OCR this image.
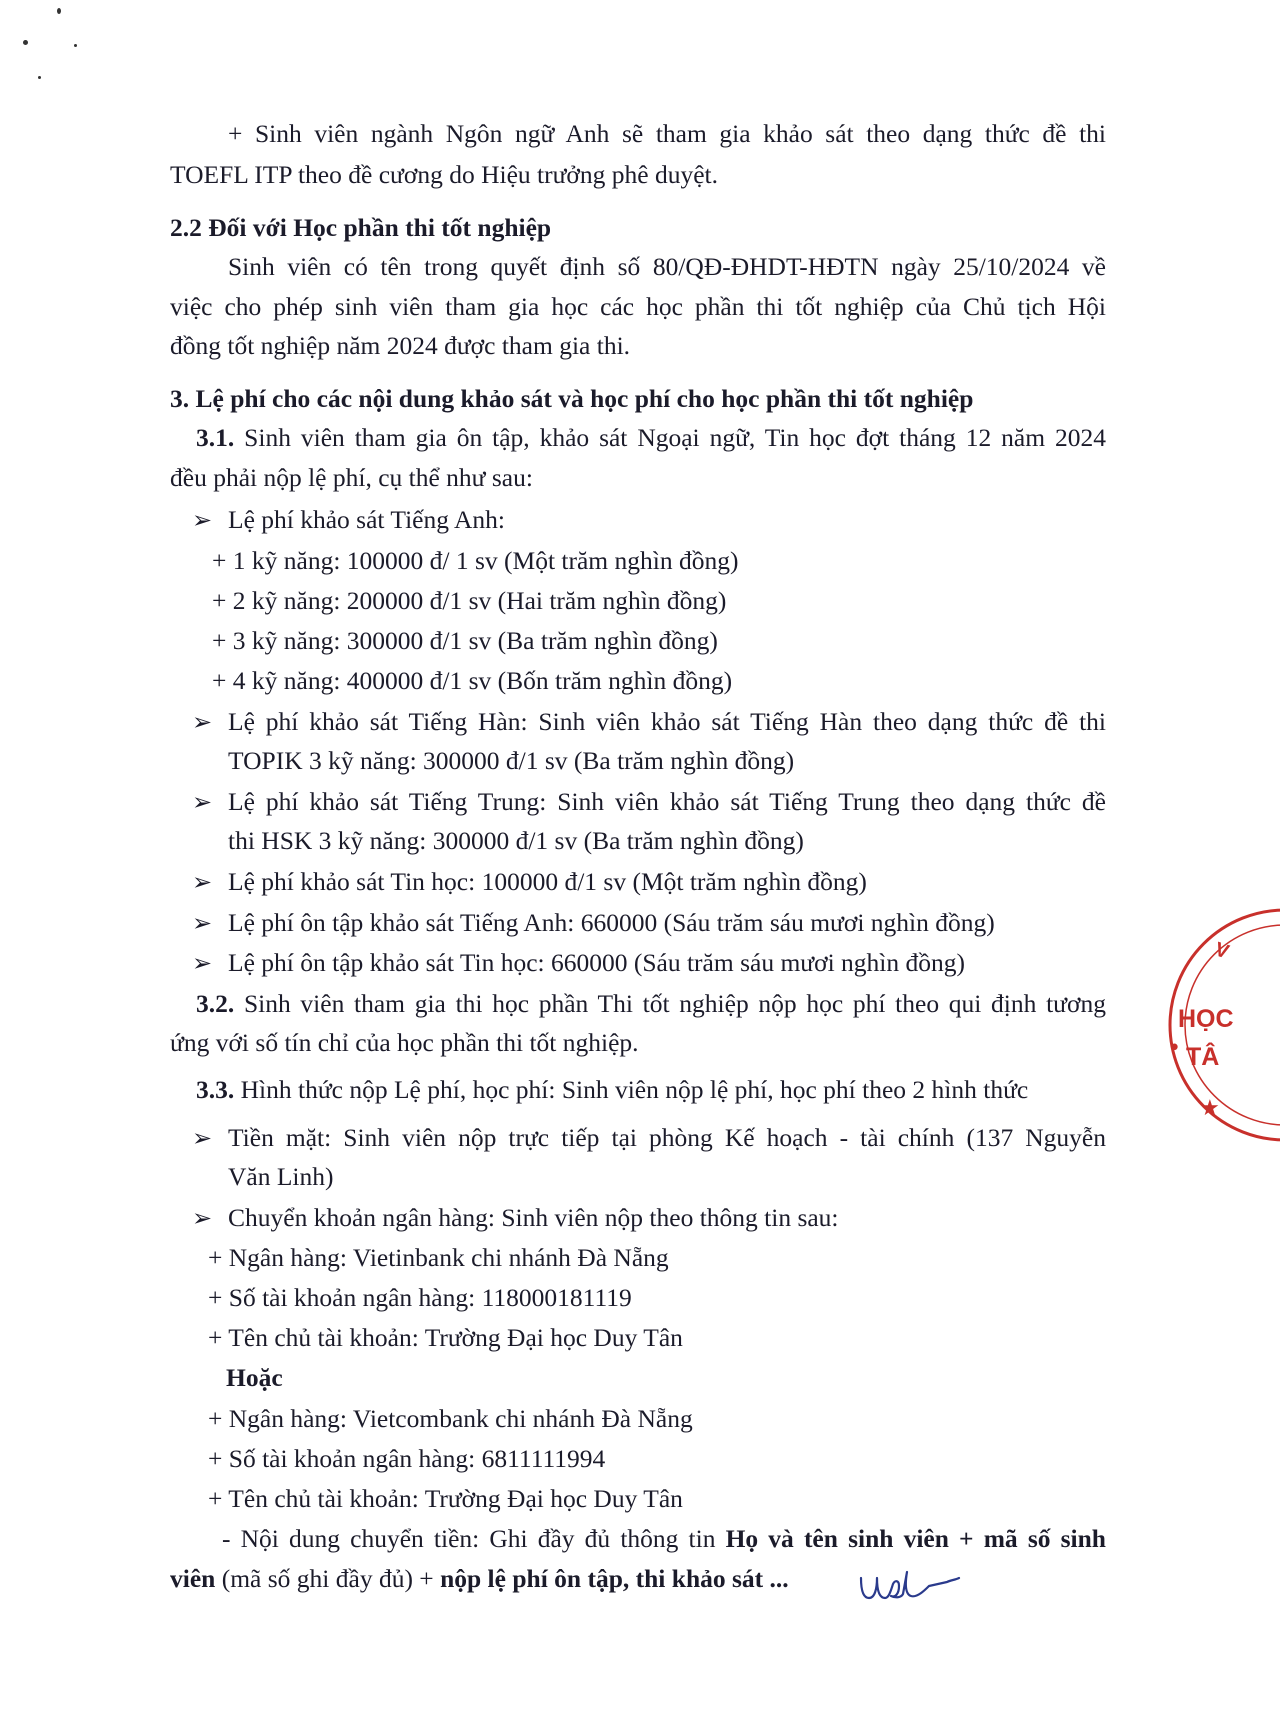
+ Sinh viên ngành Ngôn ngữ Anh sẽ tham gia khảo sát theo dạng thức đề thi
TOEFL ITP theo đề cương do Hiệu trưởng phê duyệt.
2.2 Đối với Học phần thi tốt nghiệp
Sinh viên có tên trong quyết định số 80/QĐ-ĐHDT-HĐTN ngày 25/10/2024 về
việc cho phép sinh viên tham gia học các học phần thi tốt nghiệp của Chủ tịch Hội
đồng tốt nghiệp năm 2024 được tham gia thi.
3. Lệ phí cho các nội dung khảo sát và học phí cho học phần thi tốt nghiệp
3.1. Sinh viên tham gia ôn tập, khảo sát Ngoại ngữ, Tin học đợt tháng 12 năm 2024
đều phải nộp lệ phí, cụ thể như sau:
➢ Lệ phí khảo sát Tiếng Anh:
+ 1 kỹ năng: 100000 đ/ 1 sv (Một trăm nghìn đồng)
+ 2 kỹ năng: 200000 đ/1 sv (Hai trăm nghìn đồng)
+ 3 kỹ năng: 300000 đ/1 sv (Ba trăm nghìn đồng)
+ 4 kỹ năng: 400000 đ/1 sv (Bốn trăm nghìn đồng)
➢ Lệ phí khảo sát Tiếng Hàn: Sinh viên khảo sát Tiếng Hàn theo dạng thức đề thi
TOPIK 3 kỹ năng: 300000 đ/1 sv (Ba trăm nghìn đồng)
➢ Lệ phí khảo sát Tiếng Trung: Sinh viên khảo sát Tiếng Trung theo dạng thức đề
thi HSK 3 kỹ năng: 300000 đ/1 sv (Ba trăm nghìn đồng)
➢ Lệ phí khảo sát Tin học: 100000 đ/1 sv (Một trăm nghìn đồng)
➢ Lệ phí ôn tập khảo sát Tiếng Anh: 660000 (Sáu trăm sáu mươi nghìn đồng)
➢ Lệ phí ôn tập khảo sát Tin học: 660000 (Sáu trăm sáu mươi nghìn đồng)
3.2. Sinh viên tham gia thi học phần Thi tốt nghiệp nộp học phí theo qui định tương
ứng với số tín chỉ của học phần thi tốt nghiệp.
3.3. Hình thức nộp Lệ phí, học phí: Sinh viên nộp lệ phí, học phí theo 2 hình thức
➢ Tiền mặt: Sinh viên nộp trực tiếp tại phòng Kế hoạch - tài chính (137 Nguyễn
Văn Linh)
➢ Chuyển khoản ngân hàng: Sinh viên nộp theo thông tin sau:
+ Ngân hàng: Vietinbank chi nhánh Đà Nẵng
+ Số tài khoản ngân hàng: 118000181119
+ Tên chủ tài khoản: Trường Đại học Duy Tân
Hoặc
+ Ngân hàng: Vietcombank chi nhánh Đà Nẵng
+ Số tài khoản ngân hàng: 6811111994
+ Tên chủ tài khoản: Trường Đại học Duy Tân
- Nội dung chuyển tiền: Ghi đầy đủ thông tin Họ và tên sinh viên + mã số sinh
viên (mã số ghi đầy đủ) + nộp lệ phí ôn tập, thi khảo sát ...
★
•
V
HỌC
TÂ
